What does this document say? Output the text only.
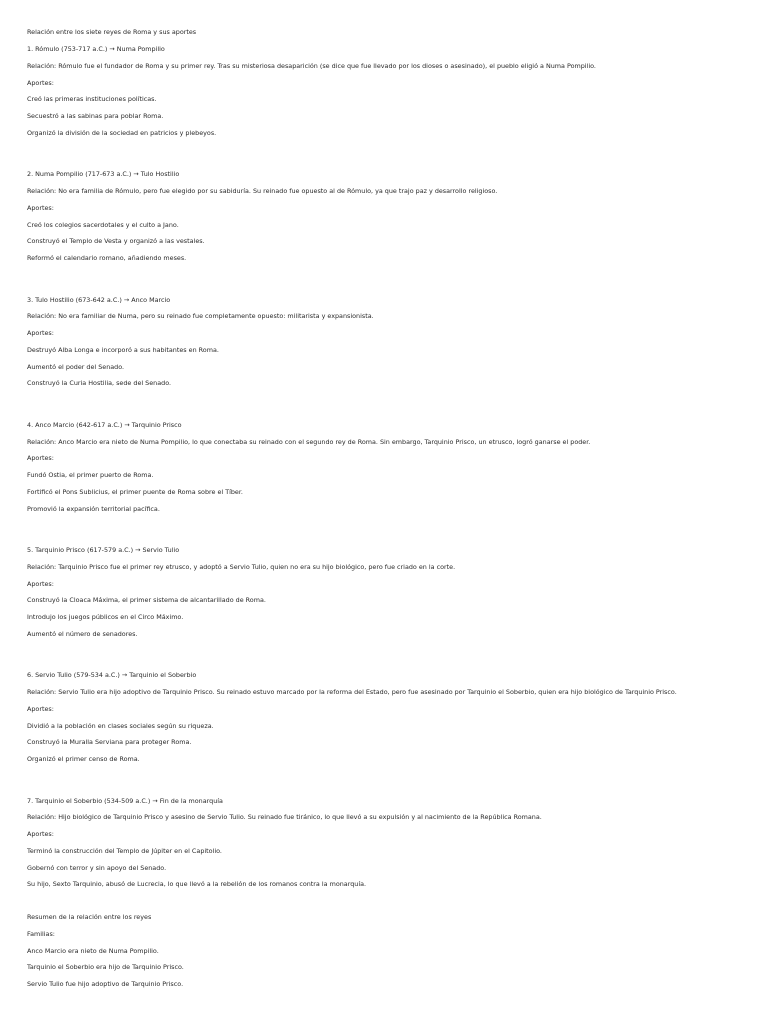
Relación entre los siete reyes de Roma y sus aportes
1. Rómulo (753-717 a.C.) → Numa Pompilio
Relación: Rómulo fue el fundador de Roma y su primer rey. Tras su misteriosa desaparición (se dice que fue llevado por los dioses o asesinado), el pueblo eligió a Numa Pompilio.
Aportes:
Creó las primeras instituciones políticas.
Secuestró a las sabinas para poblar Roma.
Organizó la división de la sociedad en patricios y plebeyos.
2. Numa Pompilio (717-673 a.C.) → Tulo Hostilio
Relación: No era familia de Rómulo, pero fue elegido por su sabiduría. Su reinado fue opuesto al de Rómulo, ya que trajo paz y desarrollo religioso.
Aportes:
Creó los colegios sacerdotales y el culto a Jano.
Construyó el Templo de Vesta y organizó a las vestales.
Reformó el calendario romano, añadiendo meses.
3. Tulo Hostilio (673-642 a.C.) → Anco Marcio
Relación: No era familiar de Numa, pero su reinado fue completamente opuesto: militarista y expansionista.
Aportes:
Destruyó Alba Longa e incorporó a sus habitantes en Roma.
Aumentó el poder del Senado.
Construyó la Curia Hostilia, sede del Senado.
4. Anco Marcio (642-617 a.C.) → Tarquinio Prisco
Relación: Anco Marcio era nieto de Numa Pompilio, lo que conectaba su reinado con el segundo rey de Roma. Sin embargo, Tarquinio Prisco, un etrusco, logró ganarse el poder.
Aportes:
Fundó Ostia, el primer puerto de Roma.
Fortificó el Pons Sublicius, el primer puente de Roma sobre el Tíber.
Promovió la expansión territorial pacífica.
5. Tarquinio Prisco (617-579 a.C.) → Servio Tulio
Relación: Tarquinio Prisco fue el primer rey etrusco, y adoptó a Servio Tulio, quien no era su hijo biológico, pero fue criado en la corte.
Aportes:
Construyó la Cloaca Máxima, el primer sistema de alcantarillado de Roma.
Introdujo los juegos públicos en el Circo Máximo.
Aumentó el número de senadores.
6. Servio Tulio (579-534 a.C.) → Tarquinio el Soberbio
Relación: Servio Tulio era hijo adoptivo de Tarquinio Prisco. Su reinado estuvo marcado por la reforma del Estado, pero fue asesinado por Tarquinio el Soberbio, quien era hijo biológico de Tarquinio Prisco.
Aportes:
Dividió a la población en clases sociales según su riqueza.
Construyó la Muralla Serviana para proteger Roma.
Organizó el primer censo de Roma.
7. Tarquinio el Soberbio (534-509 a.C.) → Fin de la monarquía
Relación: Hijo biológico de Tarquinio Prisco y asesino de Servio Tulio. Su reinado fue tiránico, lo que llevó a su expulsión y al nacimiento de la República Romana.
Aportes:
Terminó la construcción del Templo de Júpiter en el Capitolio.
Gobernó con terror y sin apoyo del Senado.
Su hijo, Sexto Tarquinio, abusó de Lucrecia, lo que llevó a la rebelión de los romanos contra la monarquía.
Resumen de la relación entre los reyes
Familias:
Anco Marcio era nieto de Numa Pompilio.
Tarquinio el Soberbio era hijo de Tarquinio Prisco.
Servio Tulio fue hijo adoptivo de Tarquinio Prisco.
